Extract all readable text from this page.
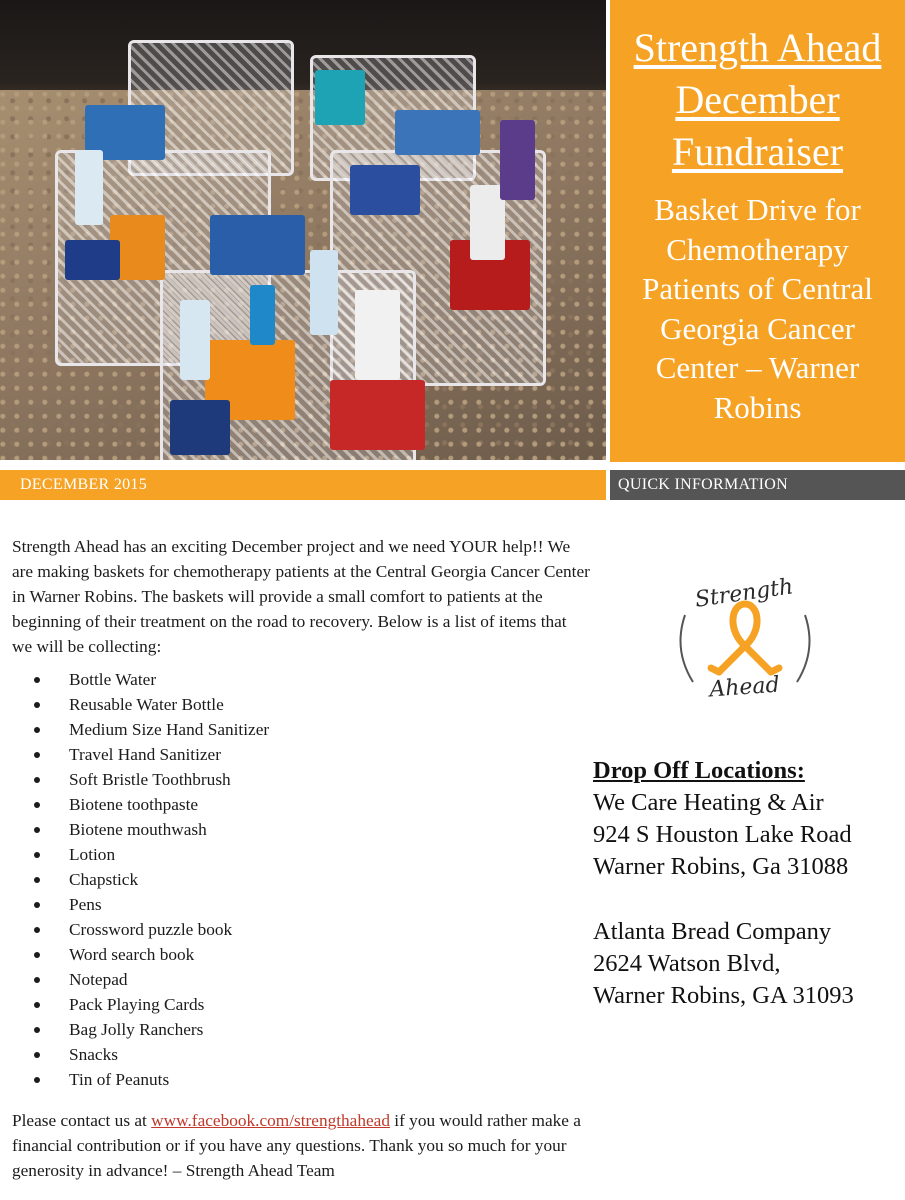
Strength Ahead December Fundraiser
Basket Drive for Chemotherapy Patients of Central Georgia Cancer Center – Warner Robins
DECEMBER 2015	QUICK INFORMATION
Strength Ahead has an exciting December project and we need YOUR help!! We are making baskets for chemotherapy patients at the Central Georgia Cancer Center in Warner Robins. The baskets will provide a small comfort to patients at the beginning of their treatment on the road to recovery. Below is a list of items that we will be collecting:
Bottle Water
Reusable Water Bottle
Medium Size Hand Sanitizer
Travel Hand Sanitizer
Soft Bristle Toothbrush
Biotene toothpaste
Biotene mouthwash
Lotion
Chapstick
Pens
Crossword puzzle book
Word search book
Notepad
Pack Playing Cards
Bag Jolly Ranchers
Snacks
Tin of Peanuts
Please contact us at www.facebook.com/strengthahead if you would rather make a financial contribution or if you have any questions. Thank you so much for your generosity in advance! – Strength Ahead Team
Strength
Ahead
Drop Off Locations:
We Care Heating & Air
924 S Houston Lake Road
Warner Robins, Ga 31088
Atlanta Bread Company
2624 Watson Blvd,
Warner Robins, GA 31093
